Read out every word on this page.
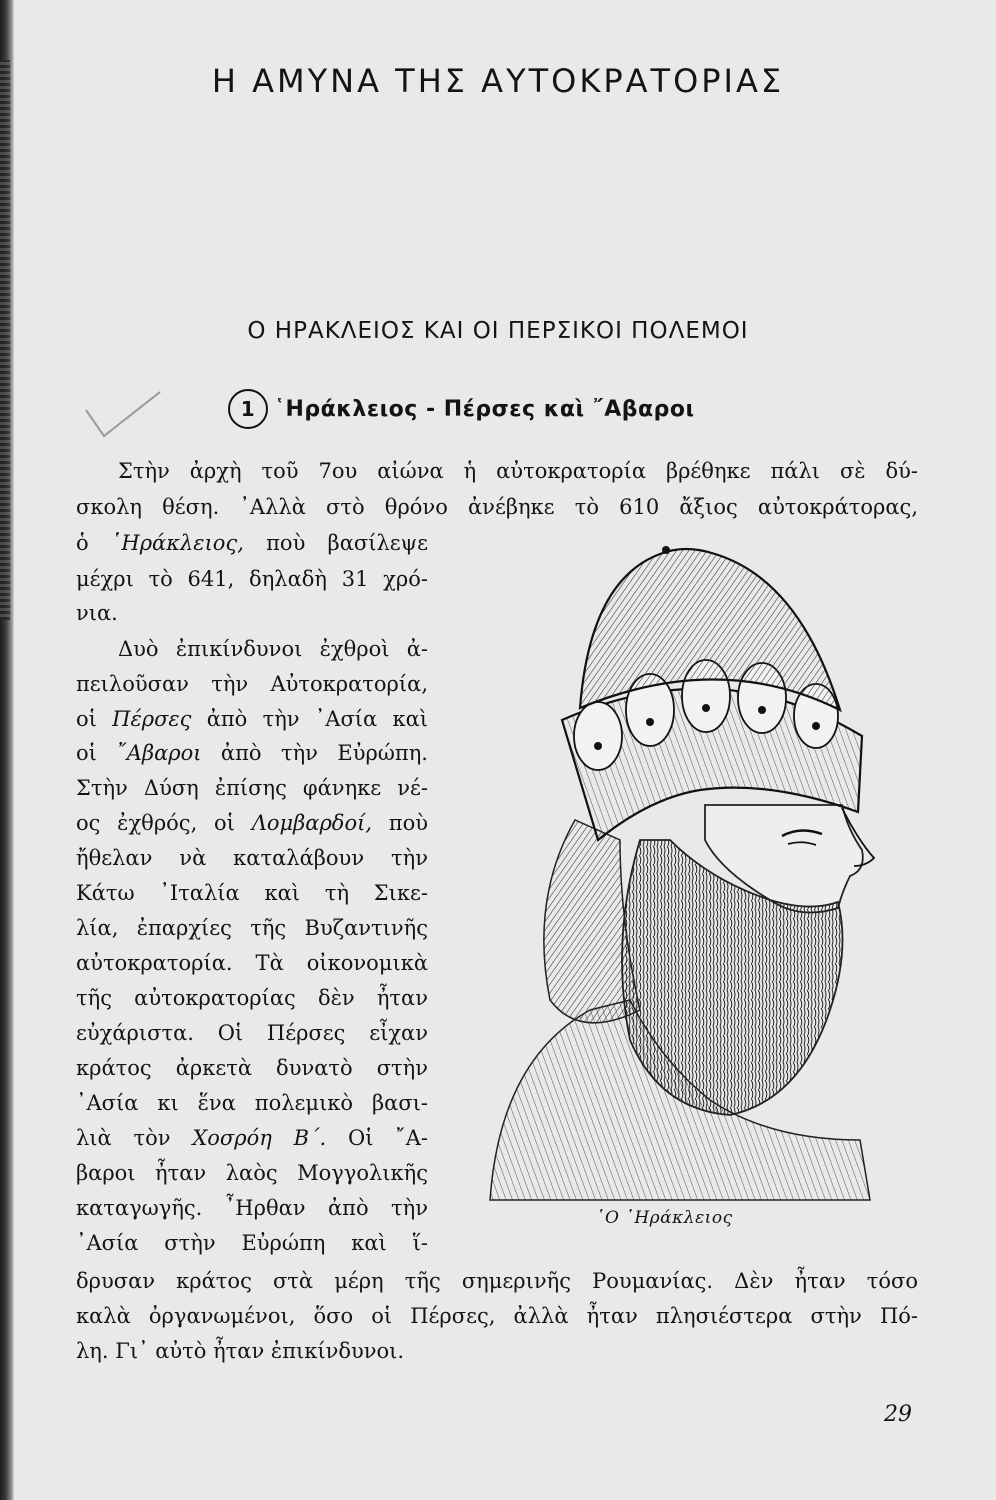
Η ΑΜΥΝΑ ΤΗΣ ΑΥΤΟΚΡΑΤΟΡΙΑΣ
Ο ΗΡΑΚΛΕΙΟΣ ΚΑΙ ΟΙ ΠΕΡΣΙΚΟΙ ΠΟΛΕΜΟΙ
1 ῾Ηράκλειος - Πέρσες καὶ ῎Αβαροι
Στὴν ἀρχὴ τοῦ 7ου αἰώνα ἡ αὐτοκρατορία βρέθηκε πάλι σὲ δύ-
σκολη θέση. ᾿Αλλὰ στὸ θρόνο ἀνέβηκε τὸ 610 ἄξιος αὐτοκράτορας,
ὁ ῾Ηράκλειος, ποὺ βασίλεψε
μέχρι τὸ 641, δηλαδὴ 31 χρό-
νια.
Δυὸ ἐπικίνδυνοι ἐχθροὶ ἀ-
πειλοῦσαν τὴν Αὐτοκρατορία,
οἱ Πέρσες ἀπὸ τὴν ᾿Ασία καὶ
οἱ ῎Αβαροι ἀπὸ τὴν Εὐρώπη.
Στὴν Δύση ἐπίσης φάνηκε νέ-
ος ἐχθρός, οἱ Λομβαρδοί, ποὺ
ἤθελαν νὰ καταλάβουν τὴν
Κάτω ᾿Ιταλία καὶ τὴ Σικε-
λία, ἐπαρχίες τῆς Βυζαντινῆς
αὐτοκρατορία. Τὰ οἰκονομικὰ
τῆς αὐτοκρατορίας δὲν ἦταν
εὐχάριστα. Οἱ Πέρσες εἶχαν
κράτος ἀρκετὰ δυνατὸ στὴν
᾿Ασία κι ἕνα πολεμικὸ βασι-
λιὰ τὸν Χοσρόη Β΄. Οἱ ῎Α-
βαροι ἦταν λαὸς Μογγολικῆς
καταγωγῆς. ῏Ηρθαν ἀπὸ τὴν
᾿Ασία στὴν Εὐρώπη καὶ ἵ-
δρυσαν κράτος στὰ μέρη τῆς σημερινῆς Ρουμανίας. Δὲν ἦταν τόσο
καλὰ ὀργανωμένοι, ὅσο οἱ Πέρσες, ἀλλὰ ἦταν πλησιέστερα στὴν Πό-
λη. Γι᾿ αὐτὸ ἦταν ἐπικίνδυνοι.
῾Ο ῾Ηράκλειος
29
